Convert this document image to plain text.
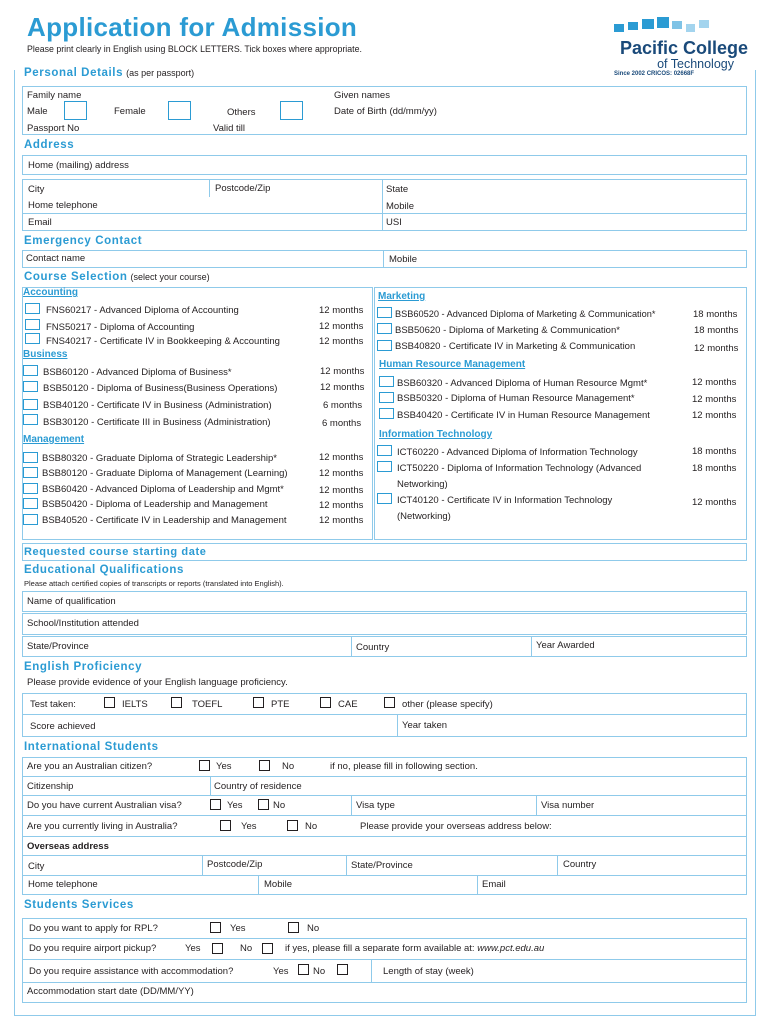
Application for Admission
Please print clearly in English using BLOCK LETTERS. Tick boxes where appropriate.	Pacific College
of Technology
Since 2002 CRICOS: 02668F
Personal Details (as per passport)
Family name	Given names
Male	Female	Others	Date of Birth (dd/mm/yy)
Passport No	Valid till
Address
Home (mailing) address
City	Postcode/Zip	State
Home telephone	Mobile
Email	USI
Emergency Contact
Contact name	Mobile
Course Selection (select your course)
Accounting
FNS60217 - Advanced Diploma of Accounting	12 months
FNS50217 - Diploma of Accounting	12 months
FNS40217 - Certificate IV in Bookkeeping & Accounting	12 months
Business
BSB60120 - Advanced Diploma of Business*	12 months
BSB50120 - Diploma of Business(Business Operations)	12 months
BSB40120 - Certificate IV in Business (Administration)	6 months
BSB30120 - Certificate III in Business (Administration)	6 months
Management
BSB80320 - Graduate Diploma of Strategic Leadership*	12 months
BSB80120 - Graduate Diploma of Management (Learning)	12 months
BSB60420 - Advanced Diploma of Leadership and Mgmt*	12 months
BSB50420 - Diploma of Leadership and Management	12 months
BSB40520 - Certificate IV in Leadership and Management	12 months
Marketing
BSB60520 - Advanced Diploma of Marketing & Communication*	18 months
BSB50620 - Diploma of Marketing & Communication*	18 months
BSB40820 - Certificate IV in Marketing & Communication	12 months
Human Resource Management
BSB60320 - Advanced Diploma of Human Resource Mgmt*	12 months
BSB50320 - Diploma of Human Resource Management*	12 months
BSB40420 - Certificate IV in Human Resource Management	12 months
Information Technology
ICT60220 - Advanced Diploma of Information Technology	18 months
ICT50220 - Diploma of Information Technology (Advanced
Networking)
18 months
ICT40120 - Certificate IV in Information Technology
(Networking)
12 months
Requested course starting date
Educational Qualifications
Please attach certified copies of transcripts or reports (translated into English).
Name of qualification
School/Institution attended
State/Province	Country	Year Awarded
English Proficiency
Please provide evidence of your English language proficiency.
Test taken:	IELTS	TOEFL	PTE	CAE	other (please specify)
Score achieved	Year taken
International Students
Are you an Australian citizen?	Yes	No	if no, please fill in following section.
Citizenship	Country of residence
Do you have current Australian visa?	Yes	No	Visa type	Visa number
Are you currently living in Australia?	Yes	No	Please provide your overseas address below:
Overseas address
City	Postcode/Zip	State/Province	Country
Home telephone	Mobile	Email
Students Services
Do you want to apply for RPL?	Yes	No
Do you require airport pickup?	Yes	No	if yes, please fill a separate form available at: www.pct.edu.au
Do you require assistance with accommodation?	Yes	No	Length of stay (week)
Accommodation start date (DD/MM/YY)
